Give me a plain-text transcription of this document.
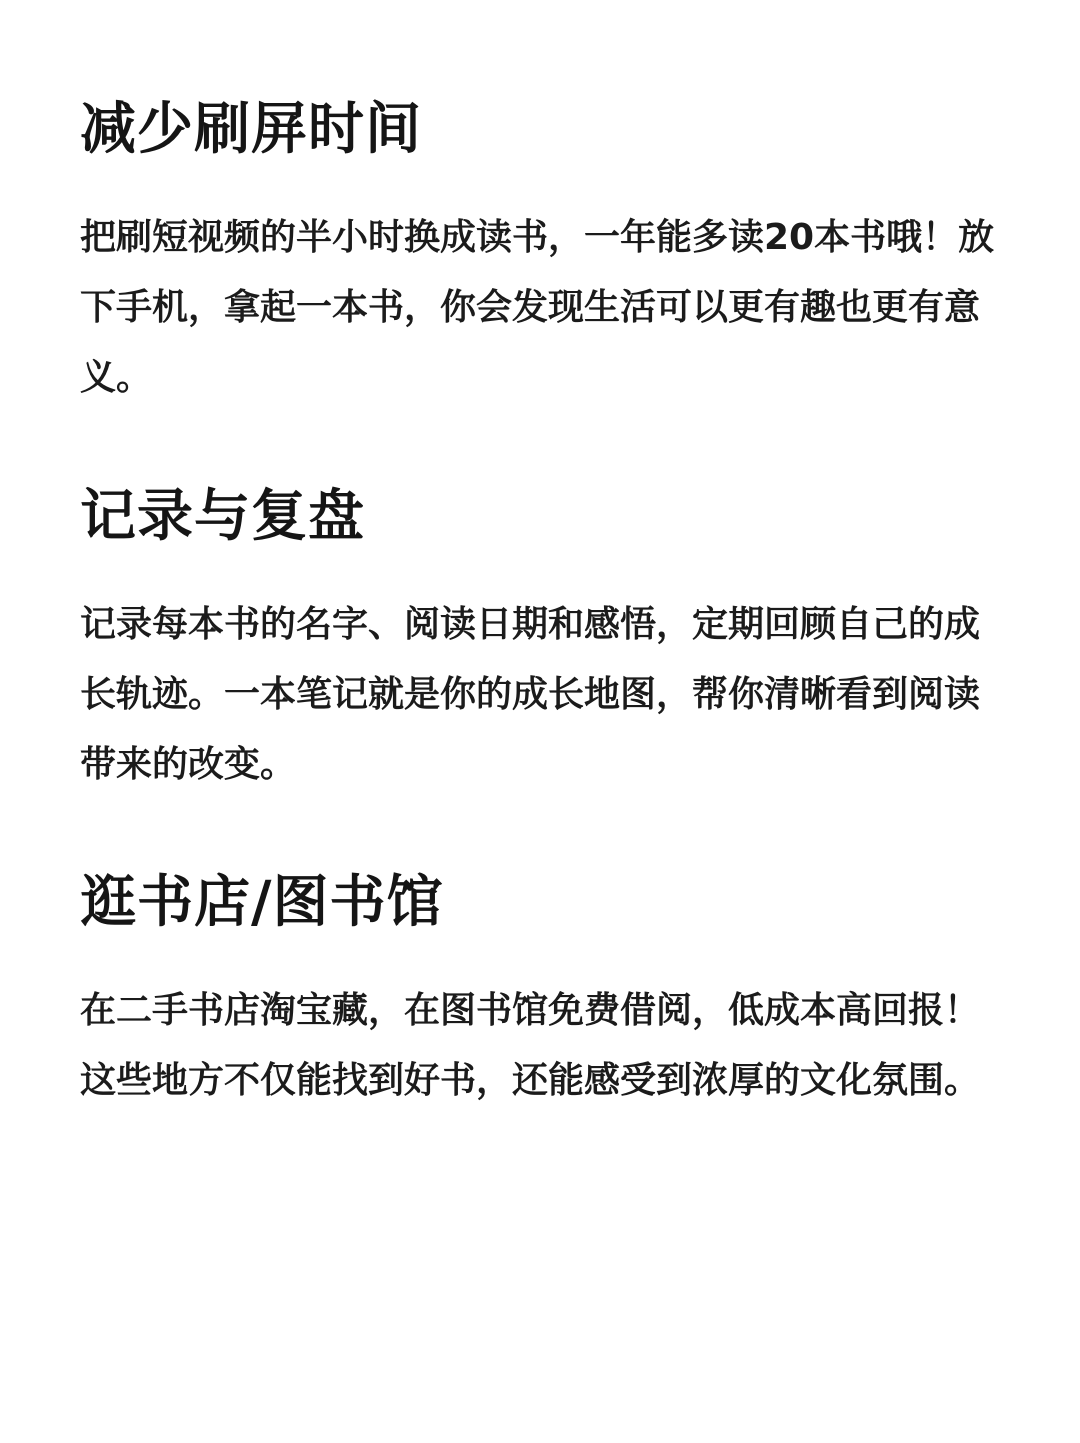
减少刷屏时间
把刷短视频的半小时换成读书，一年能多读20本书哦！放下手机，拿起一本书，你会发现生活可以更有趣也更有意义。
记录与复盘
记录每本书的名字、阅读日期和感悟，定期回顾自己的成长轨迹。一本笔记就是你的成长地图，帮你清晰看到阅读带来的改变。
逛书店/图书馆
在二手书店淘宝藏，在图书馆免费借阅，低成本高回报！这些地方不仅能找到好书，还能感受到浓厚的文化氛围。
